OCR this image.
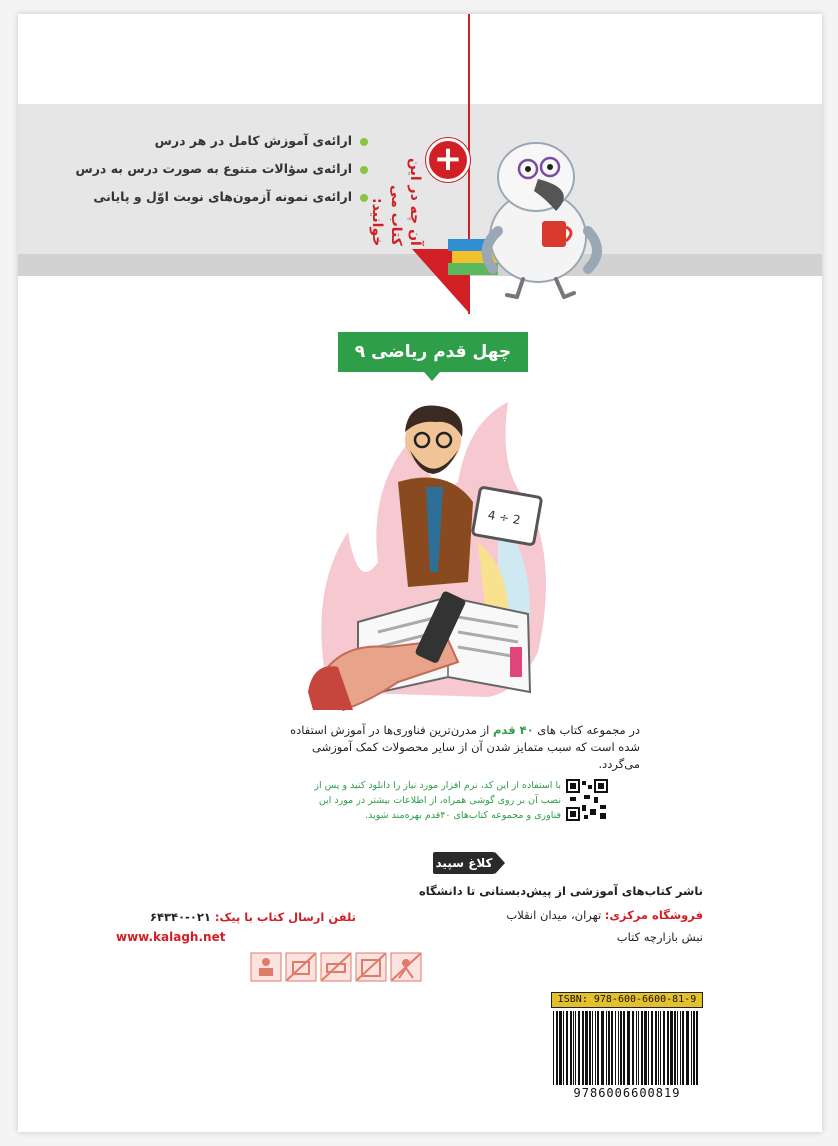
ارائه‌ی آموزش کامل در هر درس
ارائه‌ی سؤالات متنوع به صورت درس به درس
ارائه‌ی نمونه آزمون‌های نوبت اوّل و پایانی	آن چه در این کتاب می خوانید:
+
چهل قدم ریاضی ۹
4 ÷ 2
در مجموعه کتاب های ۴۰ قدم از مدرن‌ترین فناوری‌ها در آموزش استفاده شده است که سبب متمایز شدن آن از سایر محصولات کمک آموزشی می‌گردد.
با استفاده از این کد، نرم افزار مورد نیاز را دانلود کنید و پس از نصب آن بر روی گوشی همراه، از اطلاعات بیشتر در مورد این فناوری و مجموعه کتاب‌های ۴۰قدم بهره‌مند شوید.
کلاغ سپید
ناشر کتاب‌های آموزشی از پیش‌دبستانی تا دانشگاه
فروشگاه مرکزی: تهران، میدان انقلاب
نبش بازارچه کتاب
تلفن ارسال کتاب با پیک: ۰۲۱-۶۴۳۴۰
www.kalagh.net
ISBN: 978-600-6600-81-9
9786006600819
